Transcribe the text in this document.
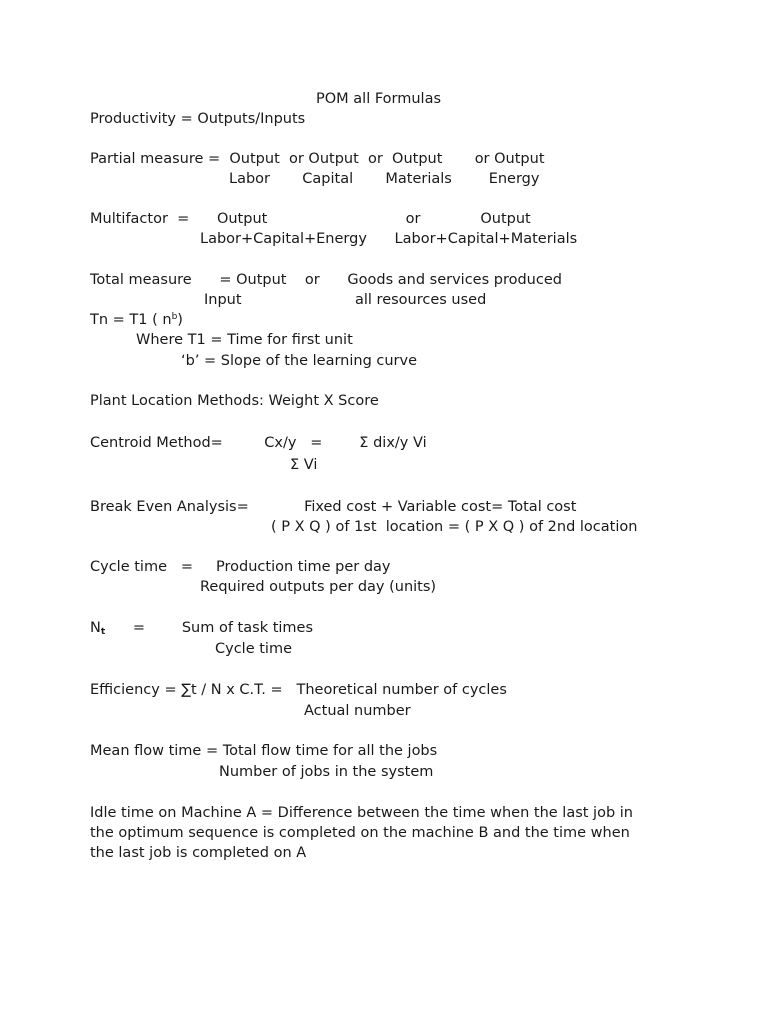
POM all Formulas
Productivity = Outputs/Inputs
Partial measure =  Output  or Output  or  Output       or Output
Labor       Capital       Materials        Energy
Multifactor  =      Output                              or             Output
Labor+Capital+Energy      Labor+Capital+Materials
Total measure      = Output    or      Goods and services produced
Input	all resources used
Tn = T1 ( $n^b$)
Where T1 = Time for first unit
‘b’ = Slope of the learning curve
Plant Location Methods: Weight X Score
Centroid Method=         Cx/y   =        Σ dix/y Vi
Σ Vi
Break Even Analysis=            Fixed cost + Variable cost= Total cost
( P X Q ) of 1st  location = ( P X Q ) of 2nd location
Cycle time   =     Production time per day
Required outputs per day (units)
$N_t$      =        Sum of task times
Cycle time
Efficiency = ∑t / N x C.T. =   Theoretical number of cycles
Actual number
Mean flow time = Total flow time for all the jobs
Number of jobs in the system
Idle time on Machine A = Difference between the time when the last job in
the optimum sequence is completed on the machine B and the time when
the last job is completed on A
